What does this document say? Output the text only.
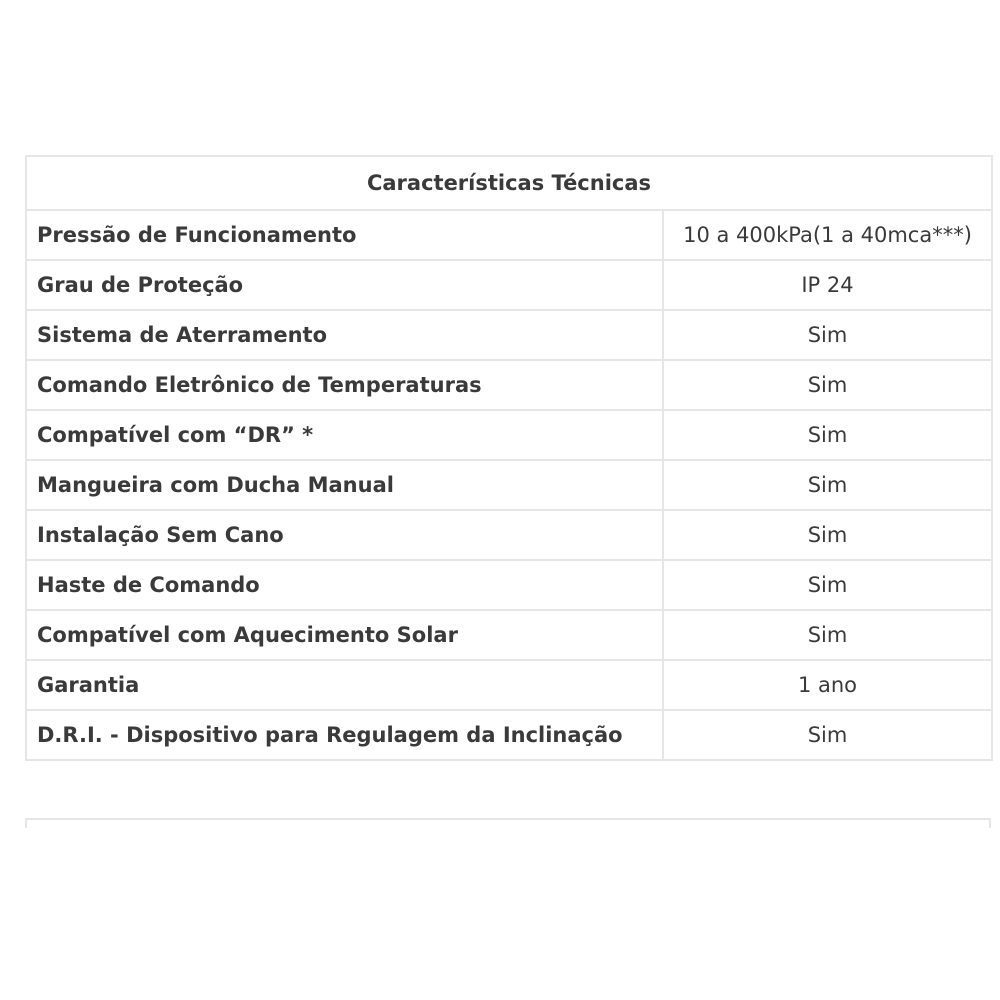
Características Técnicas	
Pressão de Funcionamento	10 a 400kPa(1 a 40mca***)
Grau de Proteção	IP 24
Sistema de Aterramento	Sim
Comando Eletrônico de Temperaturas	Sim
Compatível com “DR” *	Sim
Mangueira com Ducha Manual	Sim
Instalação Sem Cano	Sim
Haste de Comando	Sim
Compatível com Aquecimento Solar	Sim
Garantia	1 ano
D.R.I. - Dispositivo para Regulagem da Inclinação	Sim
